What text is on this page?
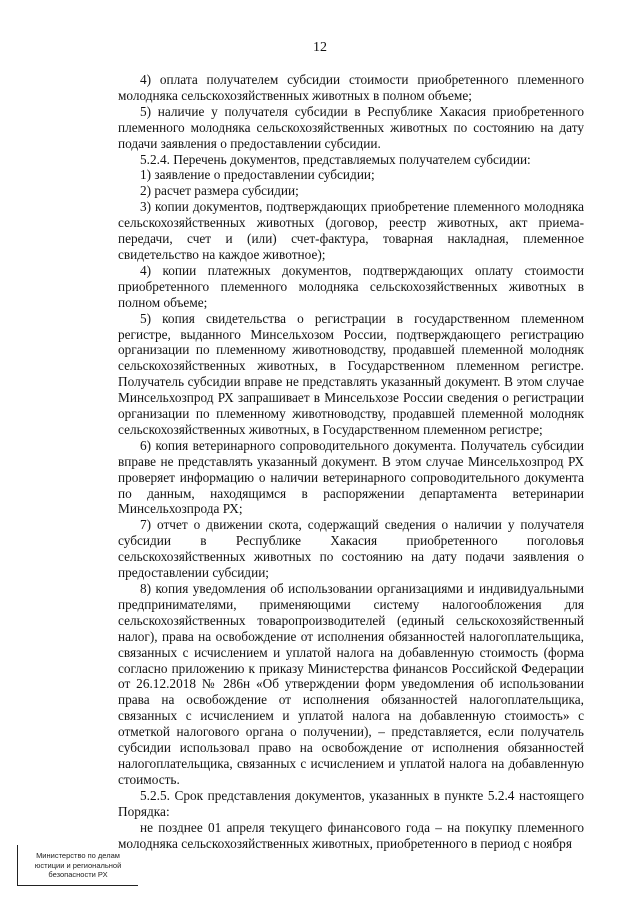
12

4) оплата получателем субсидии стоимости приобретенного племенного молодняка сельскохозяйственных животных в полном объеме;

5) наличие у получателя субсидии в Республике Хакасия приобретенного племенного молодняка сельскохозяйственных животных по состоянию на дату подачи заявления о предоставлении субсидии.

5.2.4. Перечень документов, представляемых получателем субсидии:

1) заявление о предоставлении субсидии;

2) расчет размера субсидии;

3) копии документов, подтверждающих приобретение племенного молодняка сельскохозяйственных животных (договор, реестр животных, акт приема-передачи, счет и (или) счет-фактура, товарная накладная, племенное свидетельство на каждое животное);

4) копии платежных документов, подтверждающих оплату стоимости приобретенного племенного молодняка сельскохозяйственных животных в полном объеме;

5) копия свидетельства о регистрации в государственном племенном регистре, выданного Минсельхозом России, подтверждающего регистрацию организации по племенному животноводству, продавшей племенной молодняк сельскохозяйственных животных, в Государственном племенном регистре. Получатель субсидии вправе не представлять указанный документ. В этом случае Минсельхозпрод РХ запрашивает в Минсельхозе России сведения о регистрации организации по племенному животноводству, продавшей племенной молодняк сельскохозяйственных животных, в Государственном племенном регистре;

6) копия ветеринарного сопроводительного документа. Получатель субсидии вправе не представлять указанный документ. В этом случае Минсельхозпрод РХ проверяет информацию о наличии ветеринарного сопроводительного документа по данным, находящимся в распоряжении департамента ветеринарии Минсельхозпрода РХ;

7) отчет о движении скота, содержащий сведения о наличии у получателя субсидии в Республике Хакасия приобретенного поголовья сельскохозяйственных животных по состоянию на дату подачи заявления о предоставлении субсидии;

8) копия уведомления об использовании организациями и индивидуальными предпринимателями, применяющими систему налогообложения для сельскохозяйственных товаропроизводителей (единый сельскохозяйственный налог), права на освобождение от исполнения обязанностей налогоплательщика, связанных с исчислением и уплатой налога на добавленную стоимость (форма согласно приложению к приказу Министерства финансов Российской Федерации от 26.12.2018 № 286н «Об утверждении форм уведомления об использовании права на освобождение от исполнения обязанностей налогоплательщика, связанных с исчислением и уплатой налога на добавленную стоимость» с отметкой налогового органа о получении), – представляется, если получатель субсидии использовал право на освобождение от исполнения обязанностей налогоплательщика, связанных с исчислением и уплатой налога на добавленную стоимость.

5.2.5. Срок представления документов, указанных в пункте 5.2.4 настоящего Порядка:

не позднее 01 апреля текущего финансового года – на покупку племенного молодняка сельскохозяйственных животных, приобретенного в период с ноября

Министерство по делам
юстиции и региональной
безопасности РХ
